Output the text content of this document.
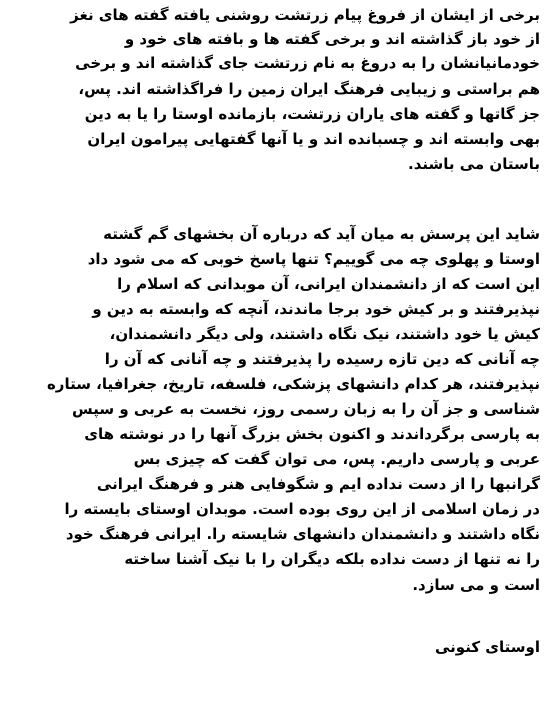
برخی از ایشان از فروغ پیام زرتشت روشنی یافته گفته های نغز
از خود باز گذاشته اند و برخی گفته ها و بافته های خود و
خودمانیانشان را به دروغ به نام زرتشت جای گذاشته اند و برخی
هم براستی و زیبایی فرهنگ ایران زمین را فراگذاشته اند. پس،
جز گاتها و گفته های یاران زرتشت، بازمانده اوستا را یا به دین
بهی وابسته اند و چسبانده اند و یا آنها گفتهایی پیرامون ایران
باستان می باشند.
شاید این پرسش به میان آید که درباره آن بخشهای گم گشته
اوستا و پهلوی چه می گوییم؟ تنها پاسخ خوبی که می شود داد
این است که از دانشمندان ایرانی، آن موبدانی که اسلام را
نپذیرفتند و بر کیش خود برجا ماندند، آنچه که وابسته به دین و
کیش یا خود داشتند، نیک نگاه داشتند، ولی دیگر دانشمندان،
چه آنانی که دین تازه رسیده را پذیرفتند و چه آنانی که آن را
نپذیرفتند، هر کدام دانشهای پزشکی، فلسفه، تاریخ، جغرافیا، ستاره
شناسی و جز آن را به زبان رسمی روز، نخست به عربی و سپس
به پارسی برگرداندند و اکنون بخش بزرگ آنها را در نوشته های
عربی و پارسی داریم. پس، می توان گفت که چیزی بس
گرانبها را از دست نداده ایم و شگوفایی هنر و فرهنگ ایرانی
در زمان اسلامی از این روی بوده است. موبدان اوستای بایسته را
نگاه داشتند و دانشمندان دانشهای شایسته را. ایرانی فرهنگ خود
را نه تنها از دست نداده بلکه دیگران را با نیک آشنا ساخته
است و می سازد.
اوستای کنونی
